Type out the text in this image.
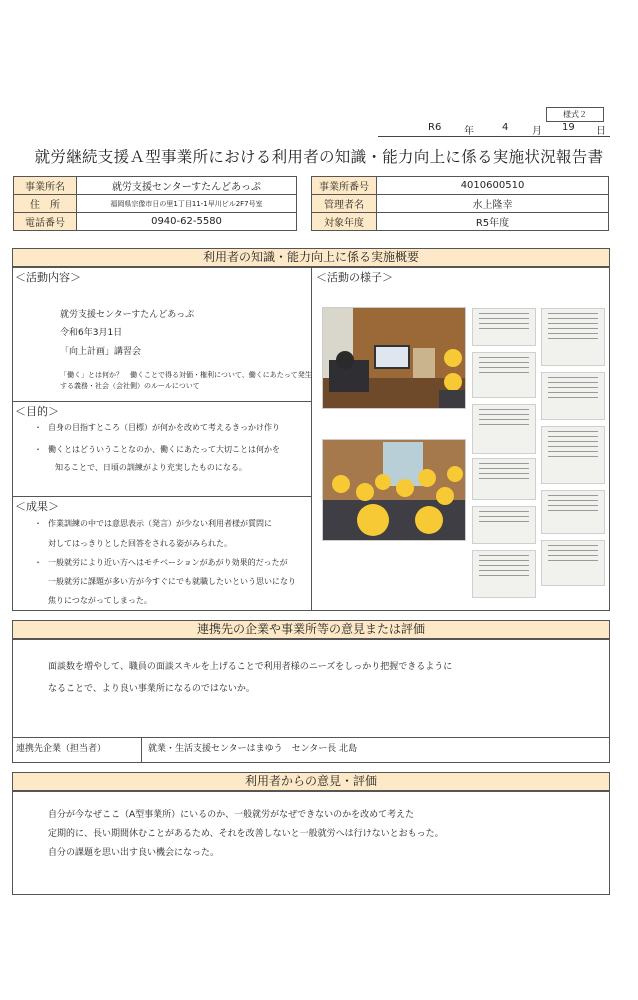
様式２
R6 年	4 月 19 日
就労継続支援Ａ型事業所における利用者の知識・能力向上に係る実施状況報告書
事業所名	就労支援センターすたんどあっぷ
住　所	福岡県宗像市日の里1丁目11-1早川ビル2F7号室
電話番号	0940-62-5580
事業所番号	4010600510
管理者名	水上隆幸
対象年度	R5年度
利用者の知識・能力向上に係る実施概要
＜活動内容＞
就労支援センターすたんどあっぷ
令和6年3月1日
「向上計画」講習会
「働く」とは何か？　働くことで得る対価・権利について、働くにあたって発生
する義務・社会（会社側）のルールについて
＜目的＞
・ 自身の目指すところ（目標）が何かを改めて考えるきっかけ作り
・ 働くとはどういうことなのか、働くにあたって大切ことは何かを
知ることで、日頃の訓練がより充実したものになる。
＜成果＞
・ 作業訓練の中では意思表示（発言）が少ない利用者様が質問に
対してはっきりとした回答をされる姿がみられた。
・ 一般就労により近い方へはモチベーションがあがり効果的だったが
一般就労に課題が多い方が今すぐにでも就職したいという思いになり
焦りにつながってしまった。
＜活動の様子＞
連携先の企業や事業所等の意見または評価
面談数を増やして、職員の面談スキルを上げることで利用者様のニーズをしっかり把握できるように
なることで、より良い事業所になるのではないか。
連携先企業（担当者）	就業・生活支援センターはまゆう　センター長 北島
利用者からの意見・評価
自分が今なぜここ（A型事業所）にいるのか、一般就労がなぜできないのかを改めて考えた
定期的に、長い期間休むことがあるため、それを改善しないと一般就労へは行けないとおもった。
自分の課題を思い出す良い機会になった。
